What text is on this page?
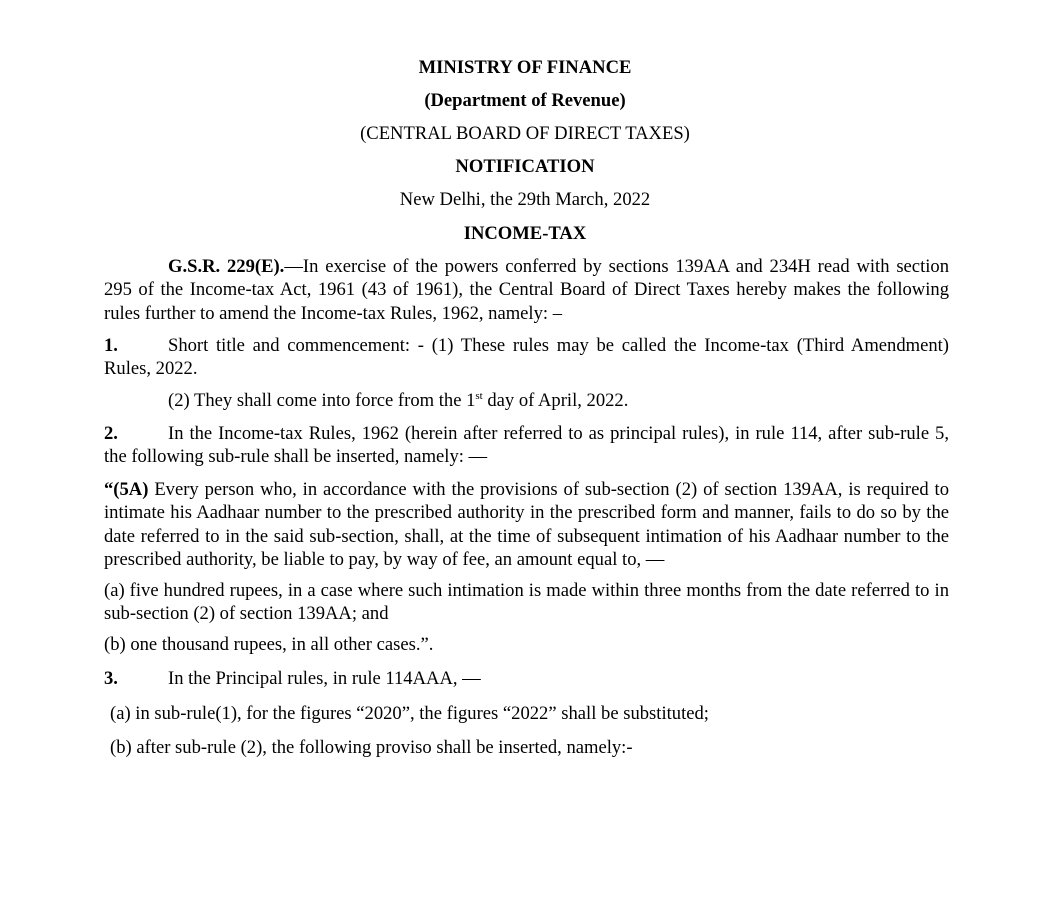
MINISTRY OF FINANCE
(Department of Revenue)
(CENTRAL BOARD OF DIRECT TAXES)
NOTIFICATION
New Delhi, the 29th March, 2022
INCOME-TAX
G.S.R. 229(E).—In exercise of the powers conferred by sections 139AA and 234H read with section 295 of the Income-tax Act, 1961 (43 of 1961), the Central Board of Direct Taxes hereby makes the following rules further to amend the Income-tax Rules, 1962, namely: –
1.	Short title and commencement: - (1) These rules may be called the Income-tax (Third Amendment) Rules, 2022.
(2) They shall come into force from the 1st day of April, 2022.
2.	In the Income-tax Rules, 1962 (herein after referred to as principal rules), in rule 114, after sub-rule 5, the following sub-rule shall be inserted, namely: —
“(5A) Every person who, in accordance with the provisions of sub-section (2) of section 139AA, is required to intimate his Aadhaar number to the prescribed authority in the prescribed form and manner, fails to do so by the date referred to in the said sub-section, shall, at the time of subsequent intimation of his Aadhaar number to the prescribed authority, be liable to pay, by way of fee, an amount equal to, —
(a) five hundred rupees, in a case where such intimation is made within three months from the date referred to in sub-section (2) of section 139AA; and
(b) one thousand rupees, in all other cases.”.
3.	In the Principal rules, in rule 114AAA, —
(a) in sub-rule(1), for the figures “2020”, the figures “2022” shall be substituted;
(b) after sub-rule (2), the following proviso shall be inserted, namely:-
